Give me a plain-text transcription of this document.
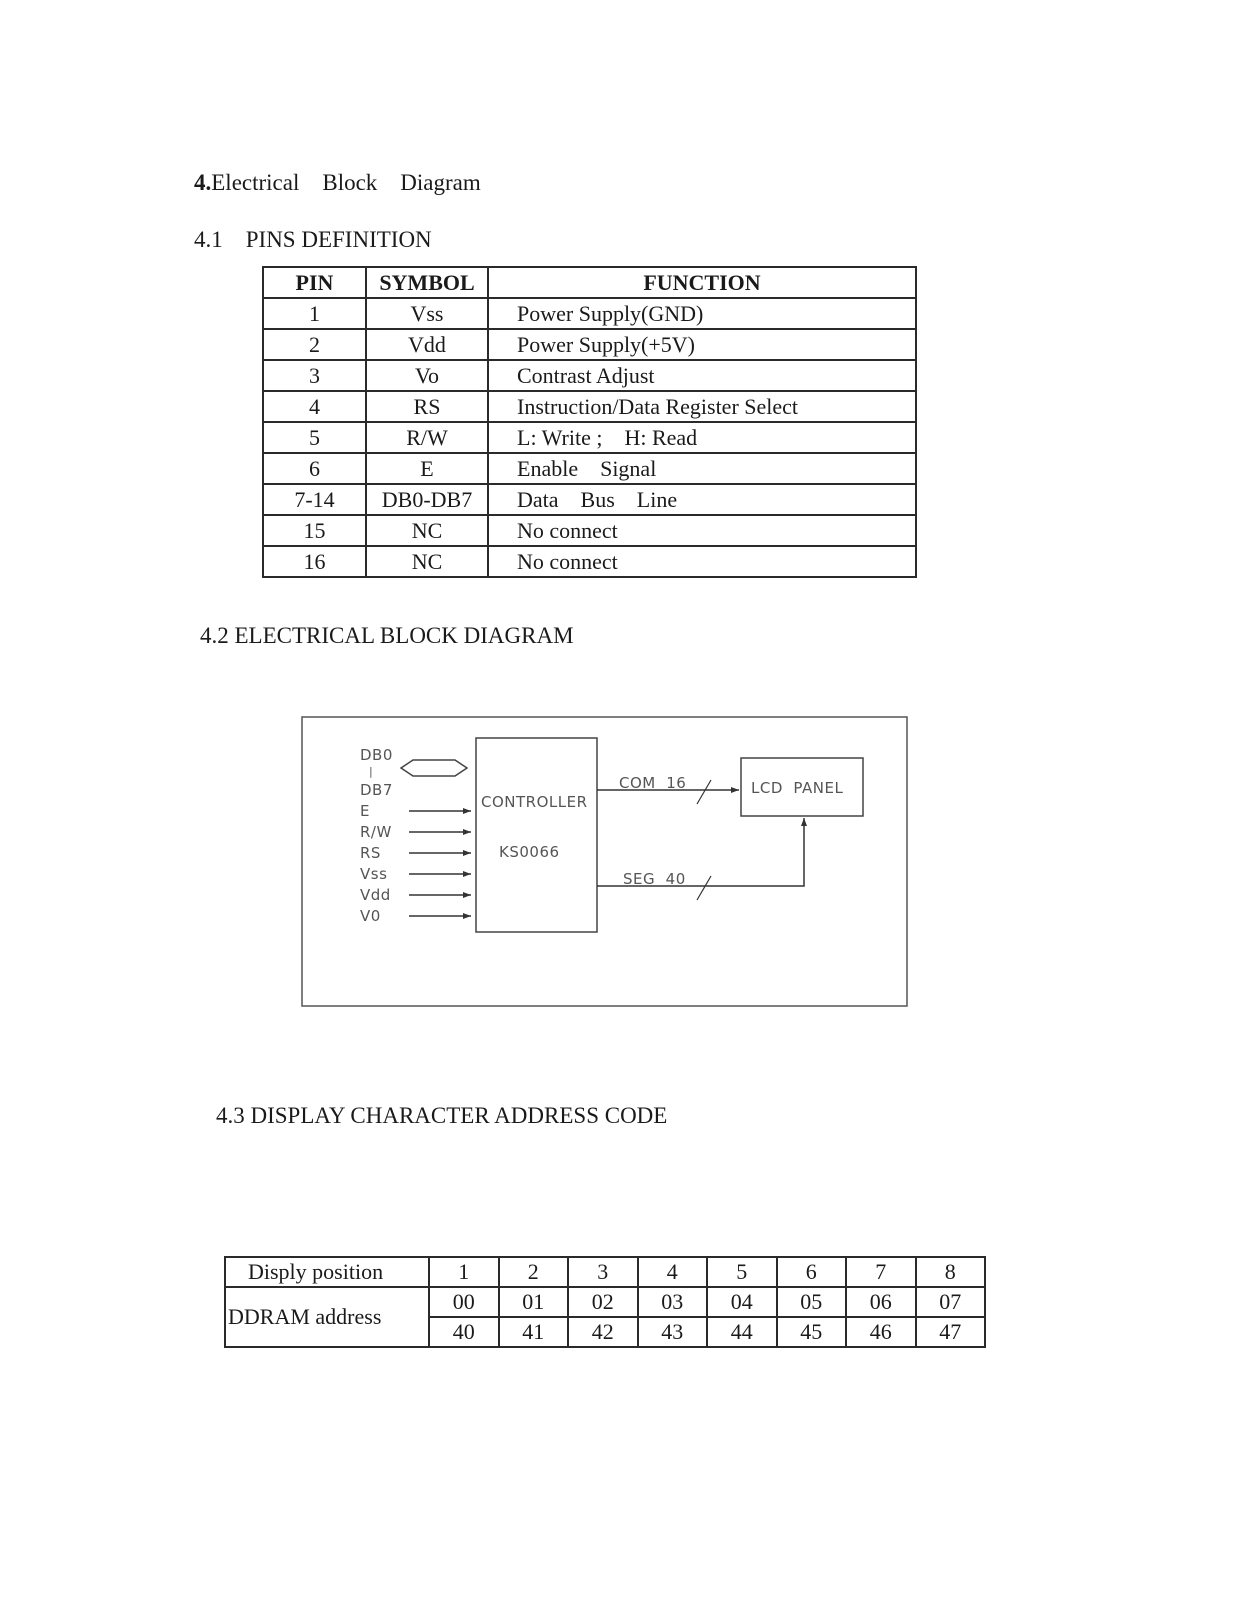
4.Electrical    Block    Diagram
4.1    PINS DEFINITION
PIN	SYMBOL	FUNCTION
1	Vss	Power Supply(GND)
2	Vdd	Power Supply(+5V)
3	Vo	Contrast Adjust
4	RS	Instruction/Data Register Select
5	R/W	L: Write ;    H: Read
6	E	Enable    Signal
7-14	DB0-DB7	Data    Bus    Line
15	NC	No connect
16	NC	No connect
4.2 ELECTRICAL BLOCK DIAGRAM
DB0
|
DB7
E
R/W
RS
Vss
Vdd
V0
CONTROLLER
KS0066
COM  16
SEG  40
LCD  PANEL
4.3 DISPLAY CHARACTER ADDRESS CODE
Disply position	1	2	3	4	5	6	7	8
DDRAM address	00	01	02	03	04	05	06	07
	40	41	42	43	44	45	46	47
